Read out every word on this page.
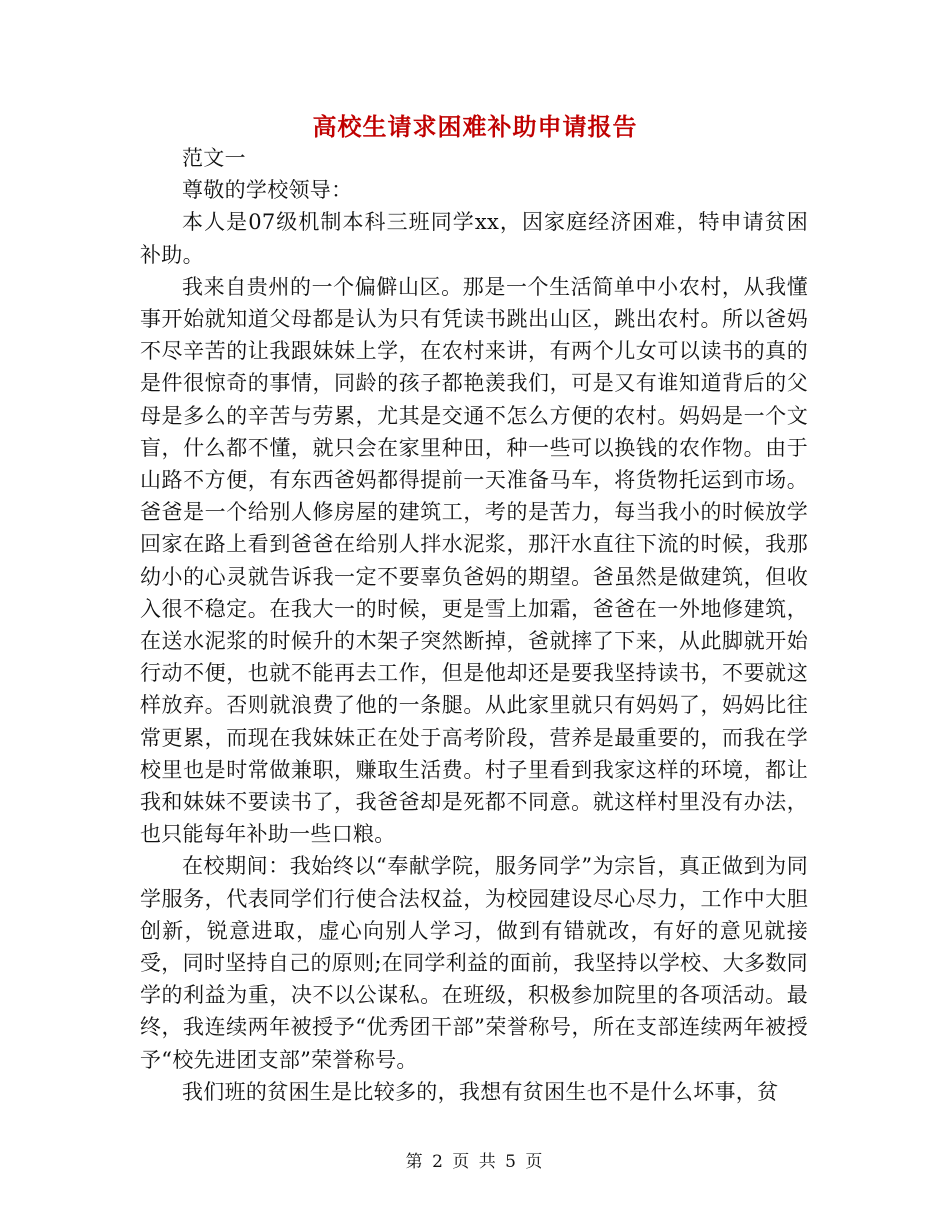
高校生请求困难补助申请报告

范文一

尊敬的学校领导：

本人是07级机制本科三班同学xx，因家庭经济困难，特申请贫困补助。

我来自贵州的一个偏僻山区。那是一个生活简单中小农村，从我懂事开始就知道父母都是认为只有凭读书跳出山区，跳出农村。所以爸妈不尽辛苦的让我跟妹妹上学，在农村来讲，有两个儿女可以读书的真的是件很惊奇的事情，同龄的孩子都艳羡我们，可是又有谁知道背后的父母是多么的辛苦与劳累，尤其是交通不怎么方便的农村。妈妈是一个文盲，什么都不懂，就只会在家里种田，种一些可以换钱的农作物。由于山路不方便，有东西爸妈都得提前一天准备马车，将货物托运到市场。爸爸是一个给别人修房屋的建筑工，考的是苦力，每当我小的时候放学回家在路上看到爸爸在给别人拌水泥浆，那汗水直往下流的时候，我那幼小的心灵就告诉我一定不要辜负爸妈的期望。爸虽然是做建筑，但收入很不稳定。在我大一的时候，更是雪上加霜，爸爸在一外地修建筑，在送水泥浆的时候升的木架子突然断掉，爸就摔了下来，从此脚就开始行动不便，也就不能再去工作，但是他却还是要我坚持读书，不要就这样放弃。否则就浪费了他的一条腿。从此家里就只有妈妈了，妈妈比往常更累，而现在我妹妹正在处于高考阶段，营养是最重要的，而我在学校里也是时常做兼职，赚取生活费。村子里看到我家这样的环境，都让我和妹妹不要读书了，我爸爸却是死都不同意。就这样村里没有办法，也只能每年补助一些口粮。

在校期间：我始终以“奉献学院，服务同学”为宗旨，真正做到为同学服务，代表同学们行使合法权益，为校园建设尽心尽力，工作中大胆创新，锐意进取，虚心向别人学习，做到有错就改，有好的意见就接受，同时坚持自己的原则;在同学利益的面前，我坚持以学校、大多数同学的利益为重，决不以公谋私。在班级，积极参加院里的各项活动。最终，我连续两年被授予“优秀团干部”荣誉称号，所在支部连续两年被授予“校先进团支部”荣誉称号。

我们班的贫困生是比较多的，我想有贫困生也不是什么坏事，贫

第 2 页 共 5 页
